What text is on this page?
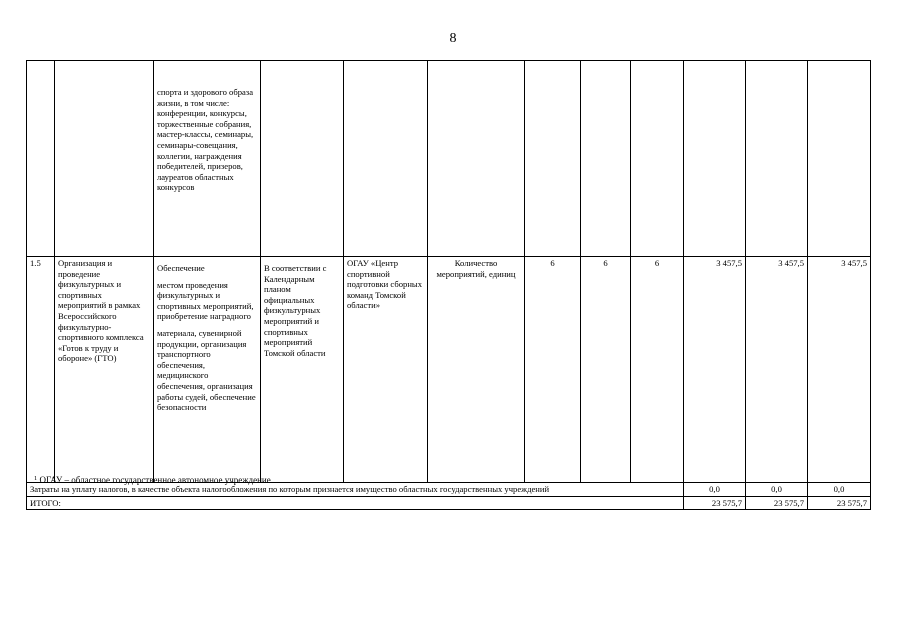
8
		спорта и здорового образа жизни, в том числе: конференции, конкурсы, торжественные собрания, мастер-классы, семинары, семинары-совещания, коллегии, награждения победителей, призеров, лауреатов областных конкурсов									
1.5	Организация и проведение физкультурных и спортивных мероприятий в рамках Всероссийского физкультурно-спортивного комплекса «Готов к труду и обороне» (ГТО)	Обеспечение
местом проведения физкультурных и спортивных мероприятий, приобретение наградного
материала, сувенирной продукции, организация транспортного обеспечения, медицинского обеспечения, организация работы судей, обеспечение безопасности	В соответствии с Календарным планом официальных физкультурных мероприятий и спортивных мероприятий Томской области	ОГАУ «Центр спортивной подготовки сборных команд Томской области»	Количество мероприятий, единиц	6	6	6	3 457,5	3 457,5	3 457,5
Затраты на уплату налогов, в качестве объекта налогообложения по которым признается имущество областных государственных учреждений									0,0	0,0	0,0
ИТОГО:									23 575,7	23 575,7	23 575,7
$^1$ ОГАУ – областное государственное автономное учреждение
